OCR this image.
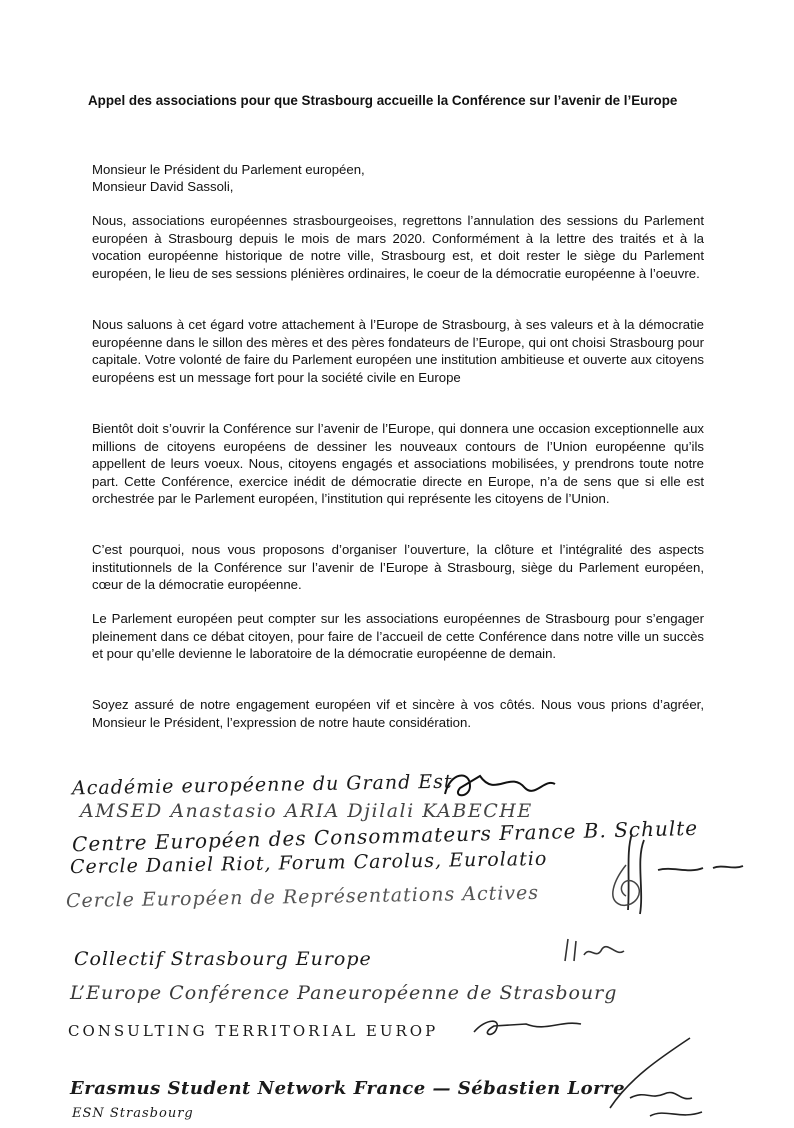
Appel des associations pour que Strasbourg accueille la Conférence sur l’avenir de l’Europe
Monsieur le Président du Parlement européen,
Monsieur David Sassoli,
Nous, associations européennes strasbourgeoises, regrettons l’annulation des sessions du Parlement européen à Strasbourg depuis le mois de mars 2020. Conformément à la lettre des traités et à la vocation européenne historique de notre ville, Strasbourg est, et doit rester le siège du Parlement européen, le lieu de ses sessions plénières ordinaires, le coeur de la démocratie européenne à l’oeuvre.
Nous saluons à cet égard votre attachement à l’Europe de Strasbourg, à ses valeurs et à la démocratie européenne dans le sillon des mères et des pères fondateurs de l’Europe, qui ont choisi Strasbourg pour capitale. Votre volonté de faire du Parlement européen une institution ambitieuse et ouverte aux citoyens européens est un message fort pour la société civile en Europe
Bientôt doit s’ouvrir la Conférence sur l’avenir de l’Europe, qui donnera une occasion exceptionnelle aux millions de citoyens européens de dessiner les nouveaux contours de l’Union européenne qu’ils appellent de leurs voeux. Nous, citoyens engagés et associations mobilisées, y prendrons toute notre part. Cette Conférence, exercice inédit de démocratie directe en Europe, n’a de sens que si elle est orchestrée par le Parlement européen, l’institution qui représente les citoyens de l’Union.
C’est pourquoi, nous vous proposons d’organiser l’ouverture, la clôture et l’intégralité des aspects institutionnels de la Conférence sur l’avenir de l’Europe à Strasbourg, siège du Parlement européen, cœur de la démocratie européenne.
Le Parlement européen peut compter sur les associations européennes de Strasbourg pour s’engager pleinement dans ce débat citoyen, pour faire de l’accueil de cette Conférence dans notre ville un succès et pour qu’elle devienne le laboratoire de la démocratie européenne de demain.
Soyez assuré de notre engagement européen vif et sincère à vos côtés. Nous vous prions d’agréer, Monsieur le Président, l’expression de notre haute considération.
Académie européenne du Grand Est
AMSED Anastasio ARIA Djilali KABECHE
Centre Européen des Consommateurs France B. Schulte
Cercle Daniel Riot, Forum Carolus, Eurolatio
Cercle Européen de Représentations Actives
Collectif Strasbourg Europe
L’Europe Conférence Paneuropéenne de Strasbourg
CONSULTING TERRITORIAL EUROP
Erasmus Student Network France — Sébastien Lorre
ESN Strasbourg
